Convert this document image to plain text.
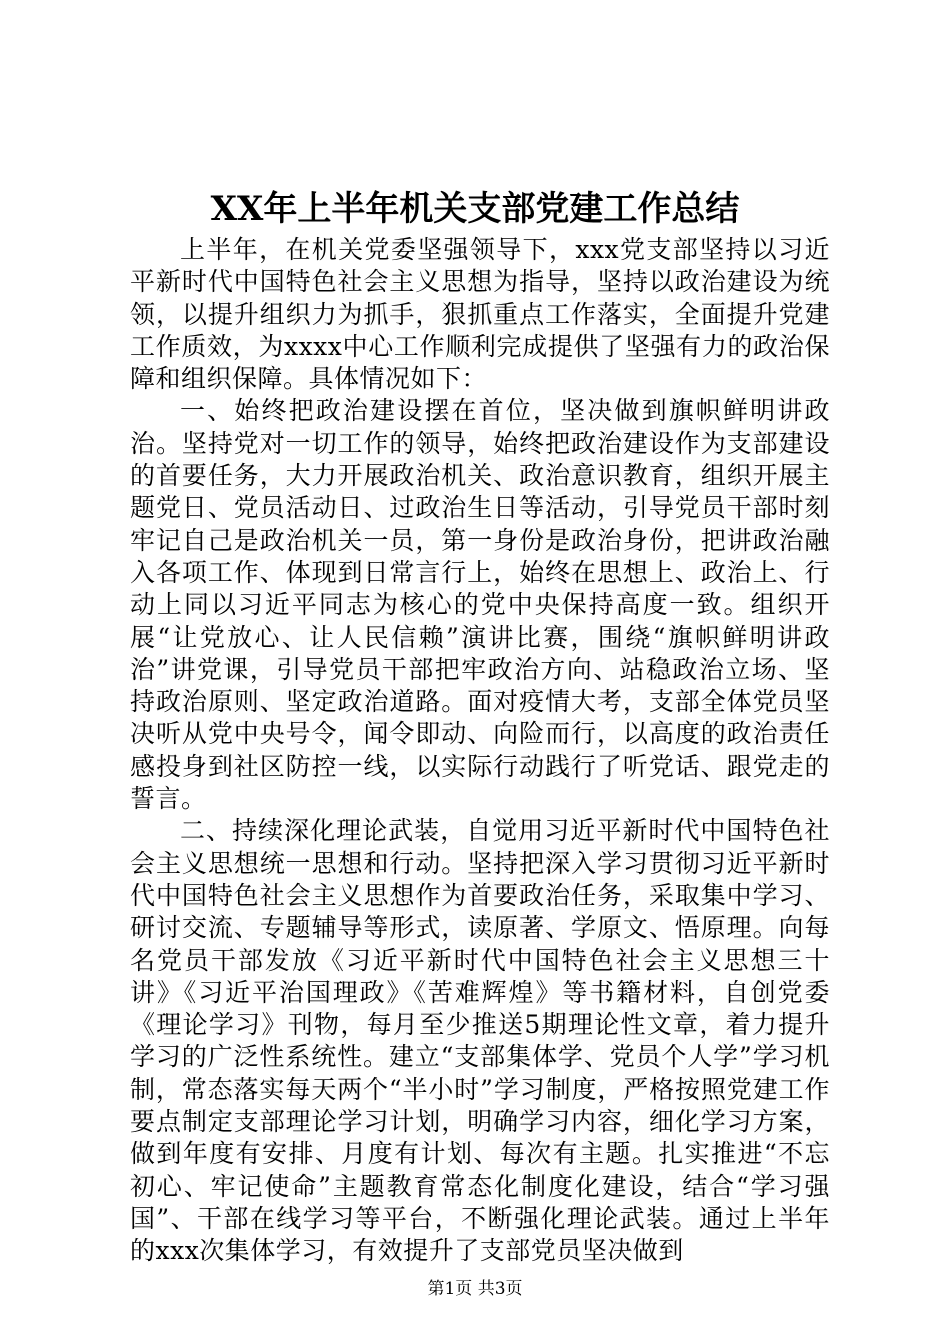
XX年上半年机关支部党建工作总结

上半年，在机关党委坚强领导下，xxx党支部坚持以习近平新时代中国特色社会主义思想为指导，坚持以政治建设为统领，以提升组织力为抓手，狠抓重点工作落实，全面提升党建工作质效，为xxxx中心工作顺利完成提供了坚强有力的政治保障和组织保障。具体情况如下：

一、始终把政治建设摆在首位，坚决做到旗帜鲜明讲政治。坚持党对一切工作的领导，始终把政治建设作为支部建设的首要任务，大力开展政治机关、政治意识教育，组织开展主题党日、党员活动日、过政治生日等活动，引导党员干部时刻牢记自己是政治机关一员，第一身份是政治身份，把讲政治融入各项工作、体现到日常言行上，始终在思想上、政治上、行动上同以习近平同志为核心的党中央保持高度一致。组织开展“让党放心、让人民信赖”演讲比赛，围绕“旗帜鲜明讲政治”讲党课，引导党员干部把牢政治方向、站稳政治立场、坚持政治原则、坚定政治道路。面对疫情大考，支部全体党员坚决听从党中央号令，闻令即动、向险而行，以高度的政治责任感投身到社区防控一线，以实际行动践行了听党话、跟党走的誓言。

二、持续深化理论武装，自觉用习近平新时代中国特色社会主义思想统一思想和行动。坚持把深入学习贯彻习近平新时代中国特色社会主义思想作为首要政治任务，采取集中学习、研讨交流、专题辅导等形式，读原著、学原文、悟原理。向每名党员干部发放《习近平新时代中国特色社会主义思想三十讲》《习近平治国理政》《苦难辉煌》等书籍材料，自创党委《理论学习》刊物，每月至少推送5期理论性文章，着力提升学习的广泛性系统性。建立“支部集体学、党员个人学”学习机制，常态落实每天两个“半小时”学习制度，严格按照党建工作要点制定支部理论学习计划，明确学习内容，细化学习方案，做到年度有安排、月度有计划、每次有主题。扎实推进“不忘初心、牢记使命”主题教育常态化制度化建设，结合“学习强国”、干部在线学习等平台，不断强化理论武装。通过上半年的xxx次集体学习，有效提升了支部党员坚决做到

第1页 共3页
